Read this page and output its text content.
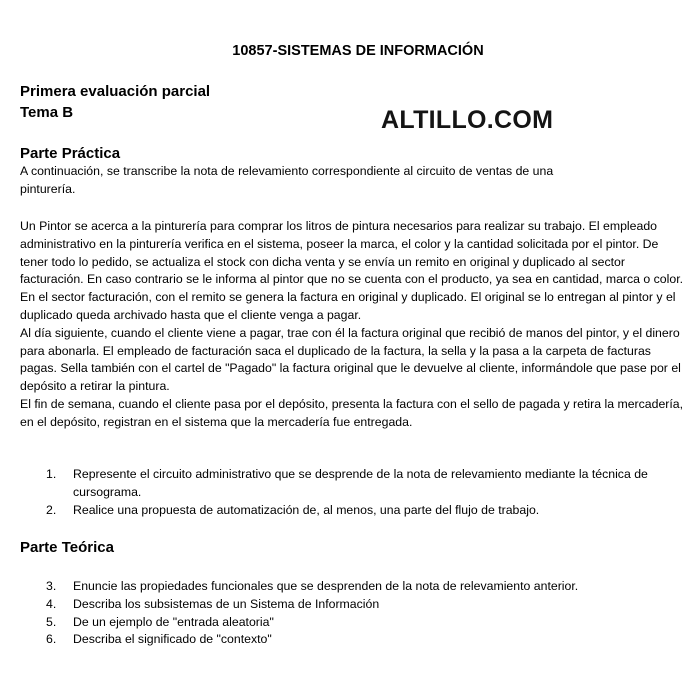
10857-SISTEMAS DE INFORMACIÓN
Primera evaluación parcial
Tema B	ALTILLO.COM
Parte Práctica

A continuación, se transcribe la nota de relevamiento correspondiente al circuito de ventas de una pinturería.

Un Pintor se acerca a la pinturería para comprar los litros de pintura necesarios para realizar su trabajo. El empleado administrativo en la pinturería verifica en el sistema, poseer la marca, el color y la cantidad solicitada por el pintor. De tener todo lo pedido, se actualiza el stock con dicha venta y se envía un remito en original y duplicado al sector facturación. En caso contrario se le informa al pintor que no se cuenta con el producto, ya sea en cantidad, marca o color.

En el sector facturación, con el remito se genera la factura en original y duplicado. El original se lo entregan al pintor y el duplicado queda archivado hasta que el cliente venga a pagar.

Al día siguiente, cuando el cliente viene a pagar, trae con él la factura original que recibió de manos del pintor, y el dinero para abonarla. El empleado de facturación saca el duplicado de la factura, la sella y la pasa a la carpeta de facturas pagas. Sella también con el cartel de "Pagado" la factura original que le devuelve al cliente, informándole que pase por el depósito a retirar la pintura.

El fin de semana, cuando el cliente pasa por el depósito, presenta la factura con el sello de pagada y retira la mercadería, en el depósito, registran en el sistema que la mercadería fue entregada.

1. Represente el circuito administrativo que se desprende de la nota de relevamiento mediante la técnica de cursograma.
2. Realice una propuesta de automatización de, al menos, una parte del flujo de trabajo.
Parte Teórica
3. Enuncie las propiedades funcionales que se desprenden de la nota de relevamiento anterior.
4. Describa los subsistemas de un Sistema de Información
5. De un ejemplo de "entrada aleatoria"
6. Describa el significado de "contexto"
